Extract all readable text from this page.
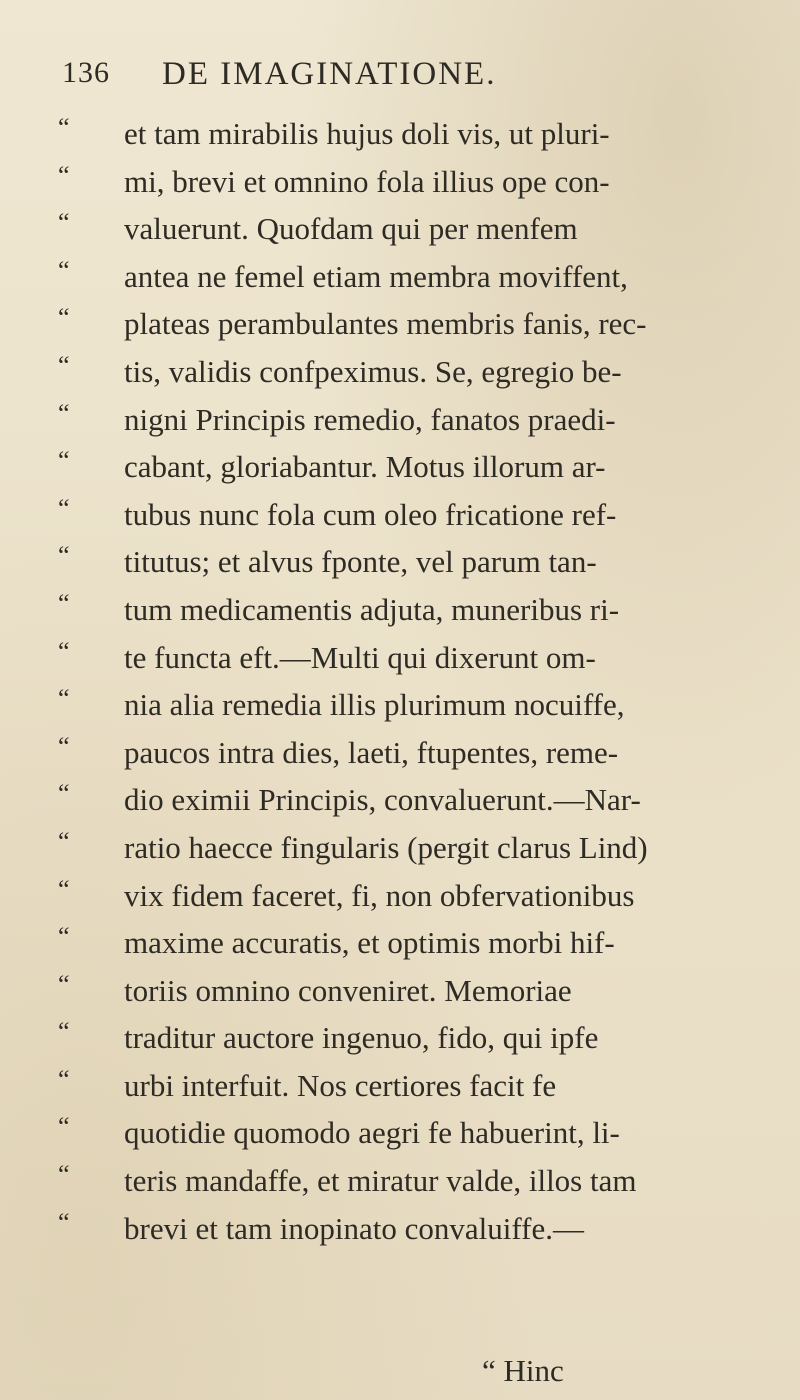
136 DE IMAGINATIONE.
“ et tam mirabilis hujus doli vis, ut pluri-
“ mi, brevi et omnino fola illius ope con-
“ valuerunt. Quofdam qui per menfem
“ antea ne femel etiam membra moviffent,
“ plateas perambulantes membris fanis, rec-
“ tis, validis confpeximus. Se, egregio be-
“ nigni Principis remedio, fanatos praedi-
“ cabant, gloriabantur. Motus illorum ar-
“ tubus nunc fola cum oleo fricatione ref-
“ titutus; et alvus fponte, vel parum tan-
“ tum medicamentis adjuta, muneribus ri-
“ te functa eft.—Multi qui dixerunt om-
“ nia alia remedia illis plurimum nocuiffe,
“ paucos intra dies, laeti, ftupentes, reme-
“ dio eximii Principis, convaluerunt.—Nar-
“ ratio haecce fingularis (pergit clarus Lind)
“ vix fidem faceret, fi, non obfervationibus
“ maxime accuratis, et optimis morbi hif-
“ toriis omnino conveniret. Memoriae
“ traditur auctore ingenuo, fido, qui ipfe
“ urbi interfuit. Nos certiores facit fe
“ quotidie quomodo aegri fe habuerint, li-
“ teris mandaffe, et miratur valde, illos tam
“ brevi et tam inopinato convaluiffe.—
“ Hinc
